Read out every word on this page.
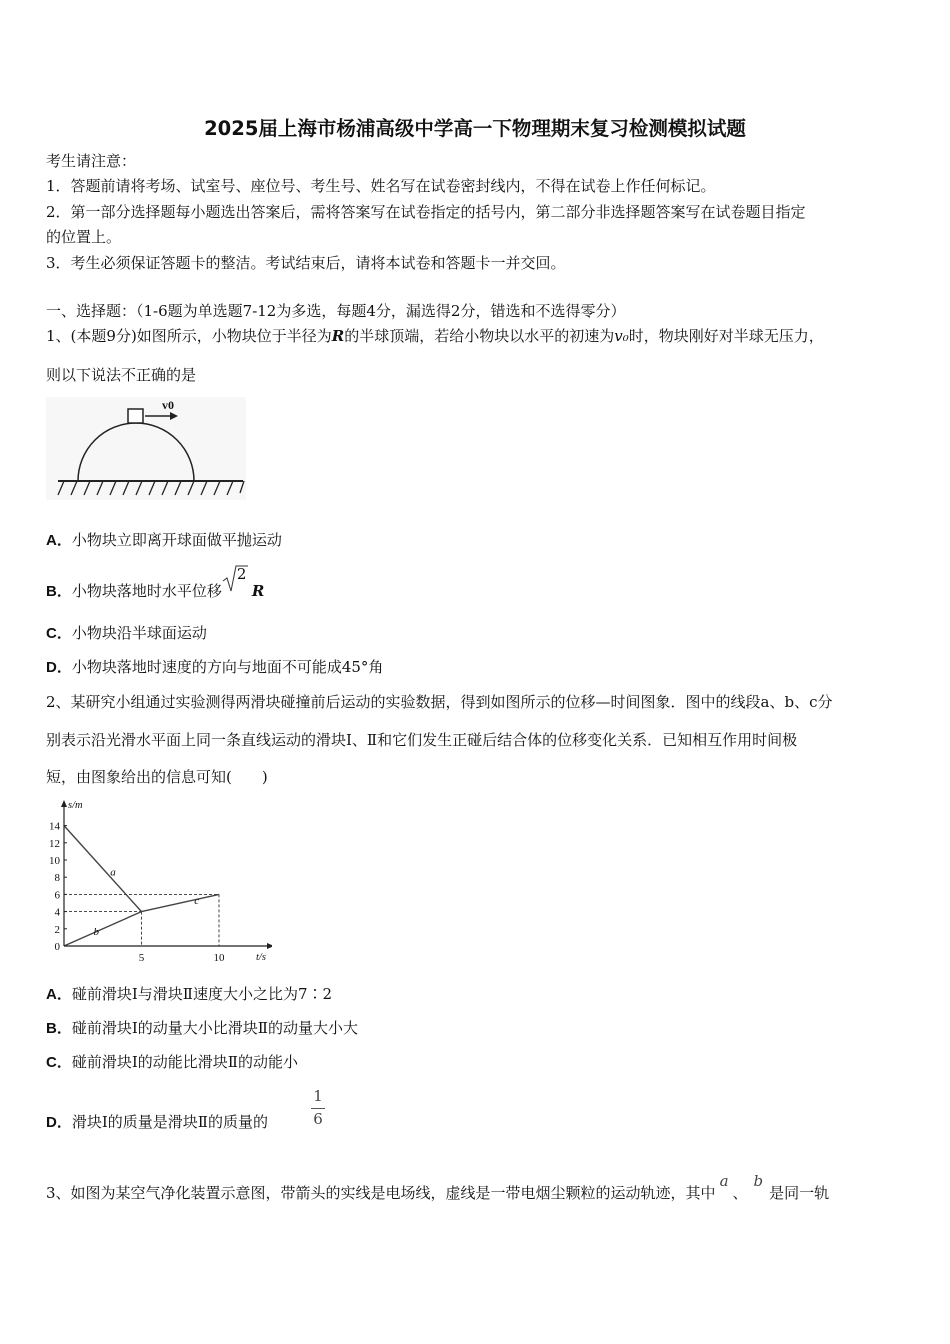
2025届上海市杨浦高级中学高一下物理期末复习检测模拟试题
考生请注意：
1．答题前请将考场、试室号、座位号、考生号、姓名写在试卷密封线内，不得在试卷上作任何标记。
2．第一部分选择题每小题选出答案后，需将答案写在试卷指定的括号内，第二部分非选择题答案写在试卷题目指定
的位置上。
3．考生必须保证答题卡的整洁。考试结束后，请将本试卷和答题卡一并交回。
一、选择题：（1-6题为单选题7-12为多选，每题4分，漏选得2分，错选和不选得零分）
1、(本题9分)如图所示，小物块位于半径为R的半球顶端，若给小物块以水平的初速为v₀时，物块刚好对半球无压力，
则以下说法不正确的是
v0
A．小物块立即离开球面做平抛运动
B．小物块落地时水平位移
2
R
C．小物块沿半球面运动
D．小物块落地时速度的方向与地面不可能成45°角
2、某研究小组通过实验测得两滑块碰撞前后运动的实验数据，得到如图所示的位移—时间图象．图中的线段a、b、c分
别表示沿光滑水平面上同一条直线运动的滑块Ⅰ、Ⅱ和它们发生正碰后结合体的位移变化关系．已知相互作用时间极
短，由图象给出的信息可知(　　)
a
b
c
t/s
s/m
0
2
4
6
8
10
12
14
5	10
A．碰前滑块Ⅰ与滑块Ⅱ速度大小之比为7∶2
B．碰前滑块Ⅰ的动量大小比滑块Ⅱ的动量大小大
C．碰前滑块Ⅰ的动能比滑块Ⅱ的动能小
D．滑块Ⅰ的质量是滑块Ⅱ的质量的
1
6
3、如图为某空气净化装置示意图，带箭头的实线是电场线，虚线是一带电烟尘颗粒的运动轨迹，其中a、b是同一轨
